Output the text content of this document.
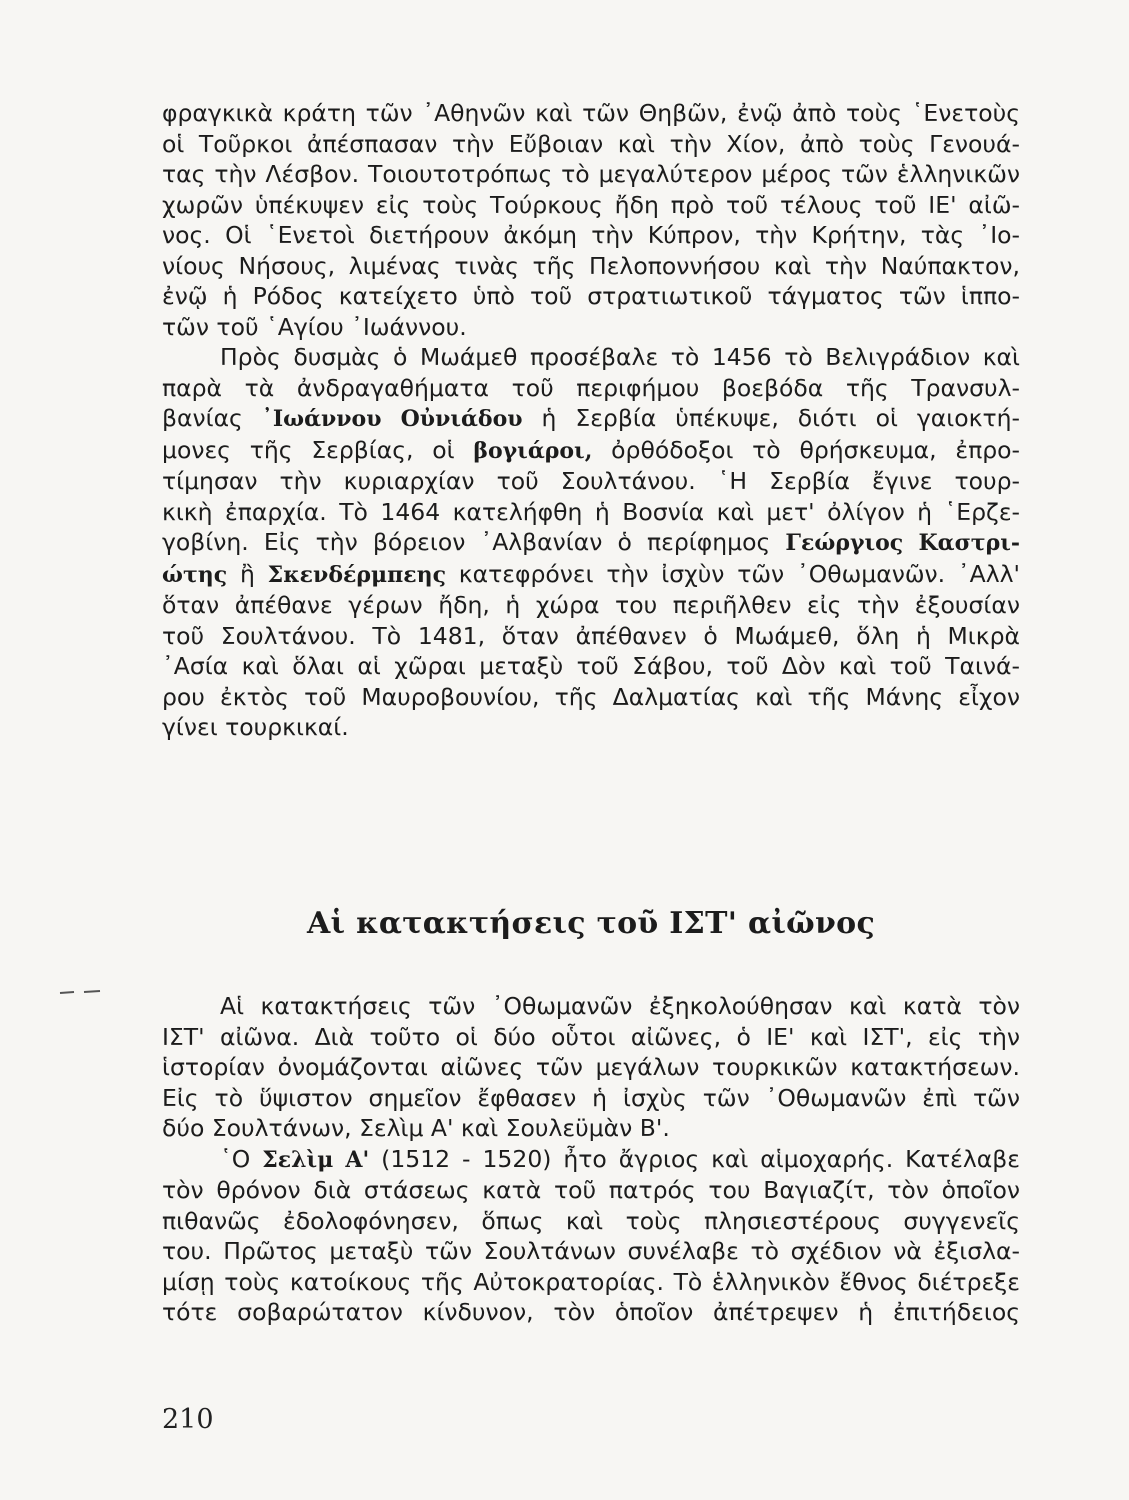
φραγκικὰ κράτη τῶν ᾿Αθηνῶν καὶ τῶν Θηβῶν, ἐνῷ ἀπὸ τοὺς ῾Ενετοὺς
οἱ Τοῦρκοι ἀπέσπασαν τὴν Εὔβοιαν καὶ τὴν Χίον, ἀπὸ τοὺς Γενουά-
τας τὴν Λέσβον. Τοιουτοτρόπως τὸ μεγαλύτερον μέρος τῶν ἑλληνικῶν
χωρῶν ὑπέκυψεν εἰς τοὺς Τούρκους ἤδη πρὸ τοῦ τέλους τοῦ ΙΕ' αἰῶ-
νος. Οἱ ῾Ενετοὶ διετήρουν ἀκόμη τὴν Κύπρον, τὴν Κρήτην, τὰς ᾿Ιο-
νίους Νήσους, λιμένας τινὰς τῆς Πελοποννήσου καὶ τὴν Ναύπακτον,
ἐνῷ ἡ Ρόδος κατείχετο ὑπὸ τοῦ στρατιωτικοῦ τάγματος τῶν ἱππο-
τῶν τοῦ ῾Αγίου ᾿Ιωάννου.

Πρὸς δυσμὰς ὁ Μωάμεθ προσέβαλε τὸ 1456 τὸ Βελιγράδιον καὶ
παρὰ τὰ ἀνδραγαθήματα τοῦ περιφήμου βοεβόδα τῆς Τρανσυλ-
βανίας ᾿Ιωάννου Οὐνιάδου ἡ Σερβία ὑπέκυψε, διότι οἱ γαιοκτή-
μονες τῆς Σερβίας, οἱ βογιάροι, ὀρθόδοξοι τὸ θρήσκευμα, ἐπρο-
τίμησαν τὴν κυριαρχίαν τοῦ Σουλτάνου. ῾Η Σερβία ἔγινε τουρ-
κικὴ ἐπαρχία. Τὸ 1464 κατελήφθη ἡ Βοσνία καὶ μετ' ὀλίγον ἡ ῾Ερζε-
γοβίνη. Εἰς τὴν βόρειον ᾿Αλβανίαν ὁ περίφημος Γεώργιος Καστρι-
ώτης ἢ Σκενδέρμπεης κατεφρόνει τὴν ἰσχὺν τῶν ᾿Οθωμανῶν. ᾿Αλλ'
ὅταν ἀπέθανε γέρων ἤδη, ἡ χώρα του περιῆλθεν εἰς τὴν ἐξουσίαν
τοῦ Σουλτάνου. Τὸ 1481, ὅταν ἀπέθανεν ὁ Μωάμεθ, ὅλη ἡ Μικρὰ
᾿Ασία καὶ ὅλαι αἱ χῶραι μεταξὺ τοῦ Σάβου, τοῦ Δὸν καὶ τοῦ Ταινά-
ρου ἐκτὸς τοῦ Μαυροβουνίου, τῆς Δαλματίας καὶ τῆς Μάνης εἶχον
γίνει τουρκικαί.

Αἱ κατακτήσεις τοῦ ΙΣΤ' αἰῶνος

Αἱ κατακτήσεις τῶν ᾿Οθωμανῶν ἐξηκολούθησαν καὶ κατὰ τὸν
ΙΣΤ' αἰῶνα. Διὰ τοῦτο οἱ δύο οὗτοι αἰῶνες, ὁ ΙΕ' καὶ ΙΣΤ', εἰς τὴν
ἱστορίαν ὀνομάζονται αἰῶνες τῶν μεγάλων τουρκικῶν κατακτήσεων.
Εἰς τὸ ὕψιστον σημεῖον ἔφθασεν ἡ ἰσχὺς τῶν ᾿Οθωμανῶν ἐπὶ τῶν
δύο Σουλτάνων, Σελὶμ Α' καὶ Σουλεϋμὰν Β'.

῾Ο Σελὶμ Α' (1512 - 1520) ἦτο ἄγριος καὶ αἱμοχαρής. Κατέλαβε
τὸν θρόνον διὰ στάσεως κατὰ τοῦ πατρός του Βαγιαζίτ, τὸν ὁποῖον
πιθανῶς ἐδολοφόνησεν, ὅπως καὶ τοὺς πλησιεστέρους συγγενεῖς
του. Πρῶτος μεταξὺ τῶν Σουλτάνων συνέλαβε τὸ σχέδιον νὰ ἐξισλα-
μίσῃ τοὺς κατοίκους τῆς Αὐτοκρατορίας. Τὸ ἑλληνικὸν ἔθνος διέτρεξε
τότε σοβαρώτατον κίνδυνον, τὸν ὁποῖον ἀπέτρεψεν ἡ ἐπιτήδειος

210
